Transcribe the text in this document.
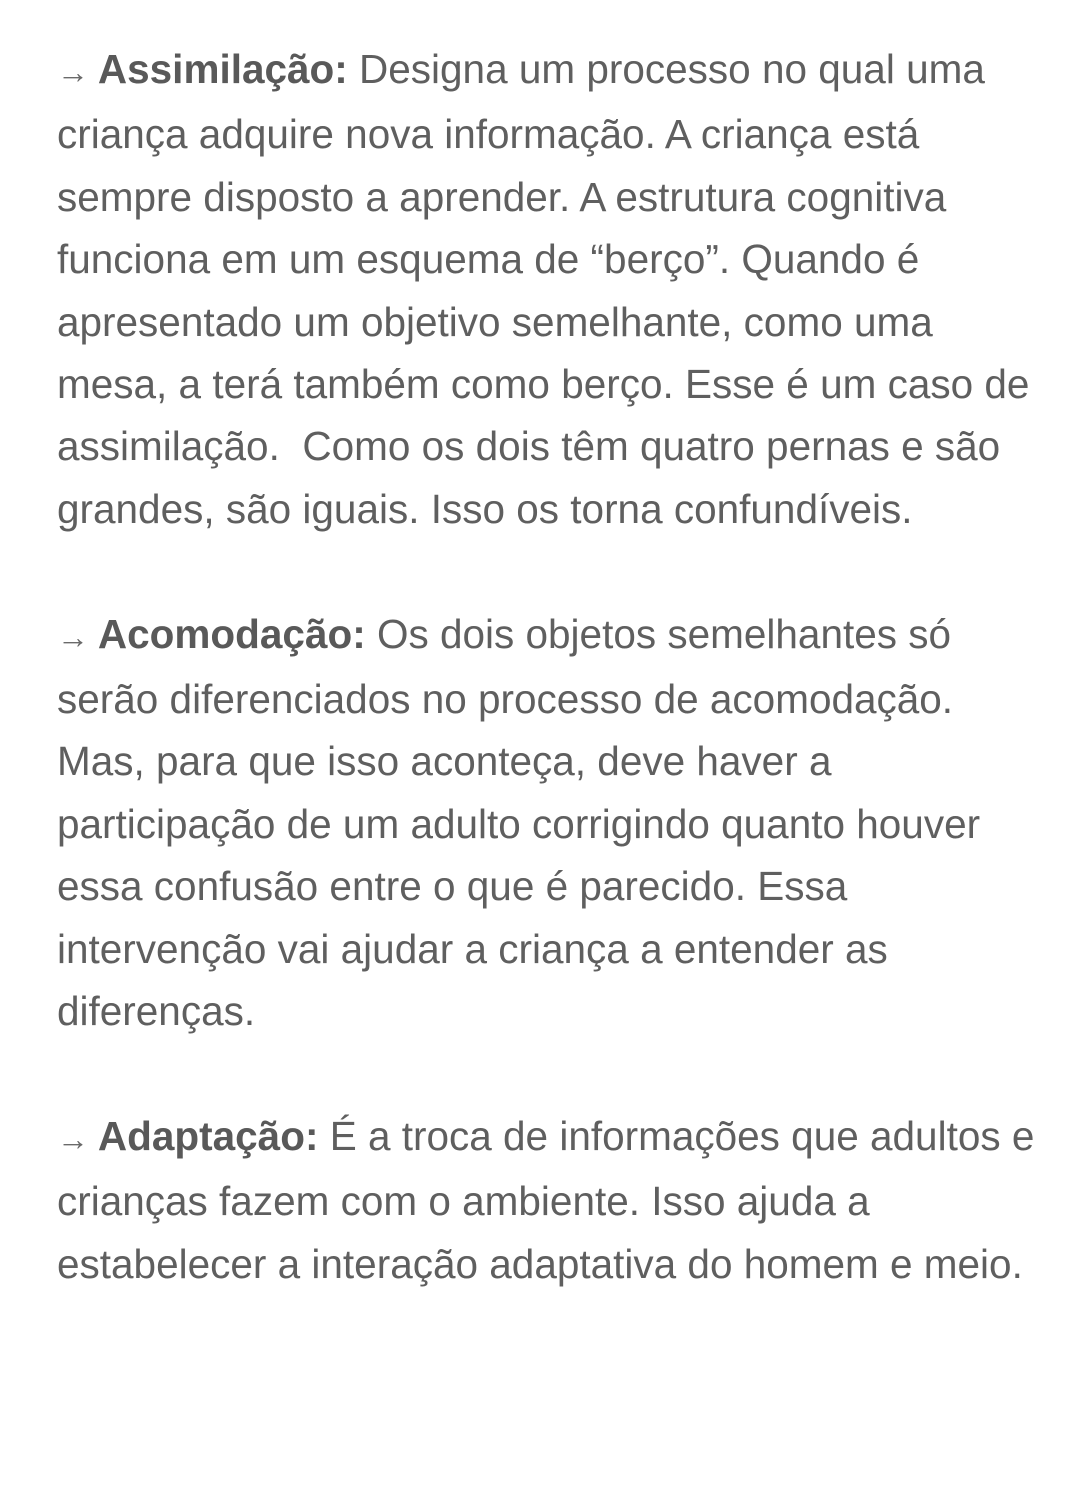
→ Assimilação: Designa um processo no qual uma criança adquire nova informação. A criança está sempre disposto a aprender. A estrutura cognitiva funciona em um esquema de “berço”. Quando é apresentado um objetivo semelhante, como uma mesa, a terá também como berço. Esse é um caso de assimilação.  Como os dois têm quatro pernas e são grandes, são iguais. Isso os torna confundíveis.

→ Acomodação: Os dois objetos semelhantes só serão diferenciados no processo de acomodação. Mas, para que isso aconteça, deve haver a participação de um adulto corrigindo quanto houver essa confusão entre o que é parecido. Essa intervenção vai ajudar a criança a entender as diferenças.

→ Adaptação: É a troca de informações que adultos e crianças fazem com o ambiente. Isso ajuda a estabelecer a interação adaptativa do homem e meio.
